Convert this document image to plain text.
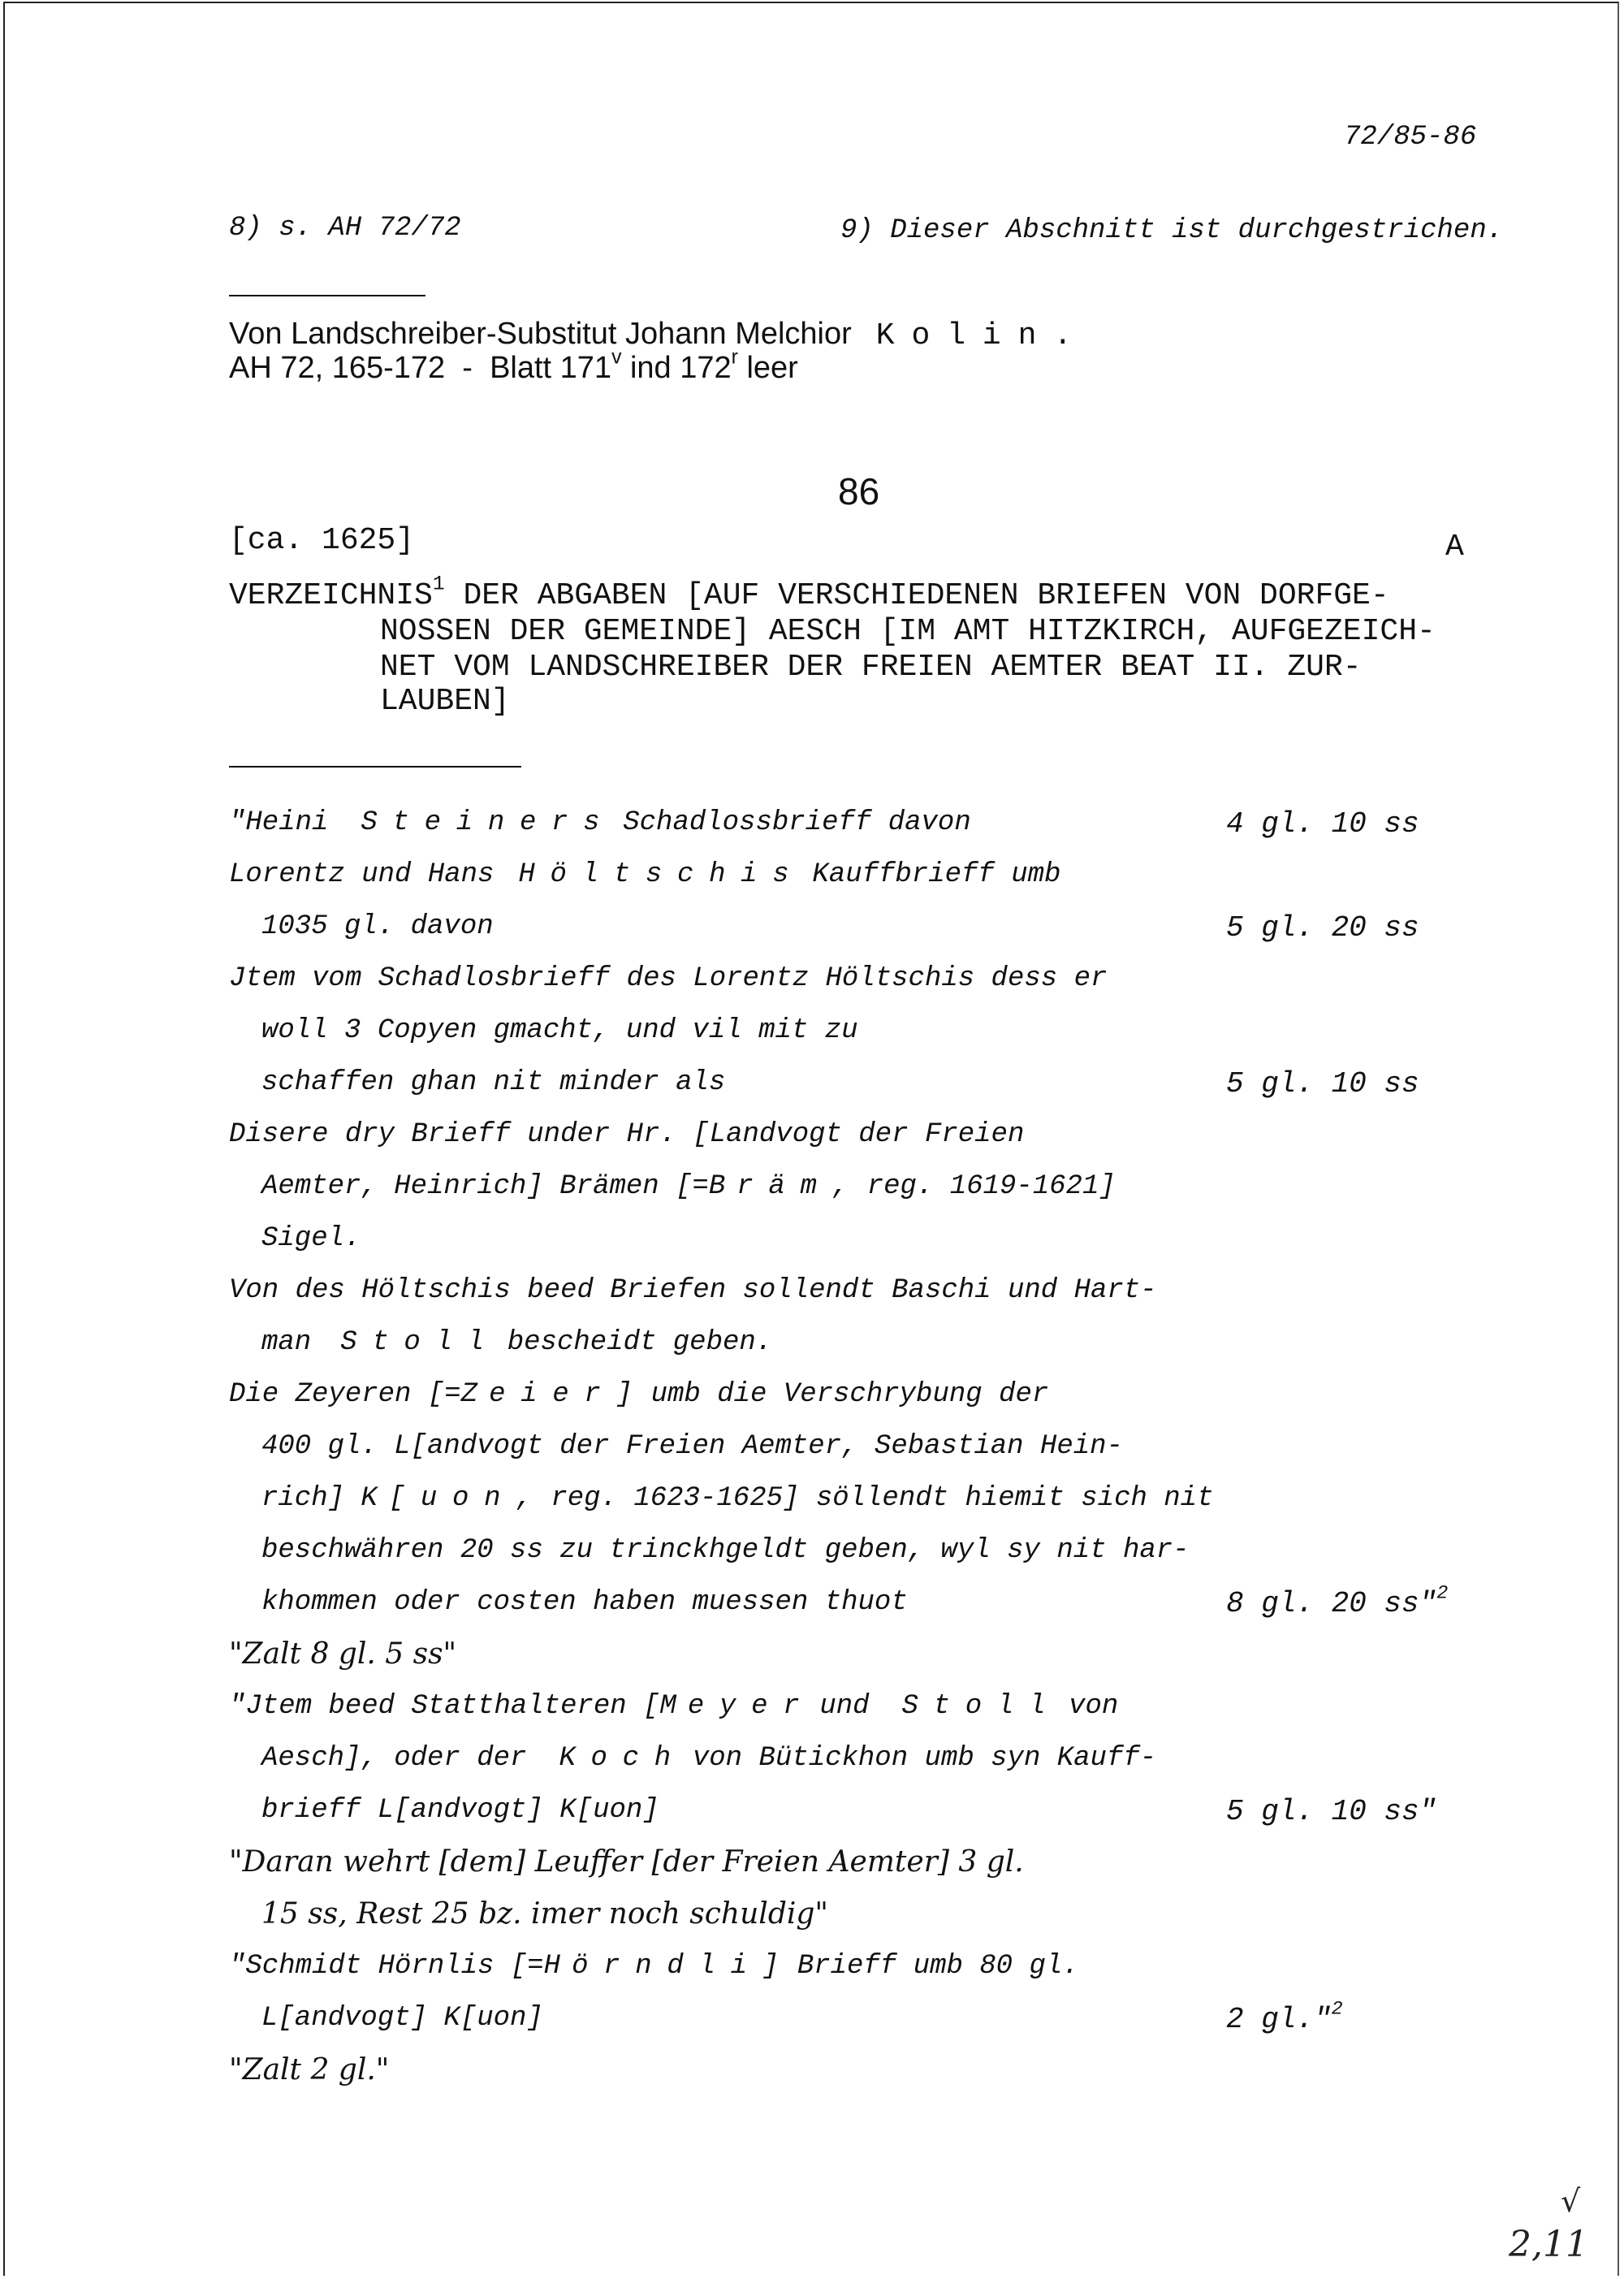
72/85-86
8) s. AH 72/72	9) Dieser Abschnitt ist durchgestrichen.
Von Landschreiber-Substitut Johann Melchior Kolin.
AH 72, 165-172  -  Blatt 171$^v$ ind 172$^r$ leer
86
[ca. 1625]	A
VERZEICHNIS$^1$ DER ABGABEN [AUF VERSCHIEDENEN BRIEFEN VON DORFGE-
NOSSEN DER GEMEINDE] AESCH [IM AMT HITZKIRCH, AUFGEZEICH-
NET VOM LANDSCHREIBER DER FREIEN AEMTER BEAT II. ZUR-
LAUBEN]
"Heini Steiners Schadlossbrieff davon	4 gl. 10 ss
Lorentz und Hans Höltschis Kauffbrieff umb
1035 gl. davon	5 gl. 20 ss
Jtem vom Schadlosbrieff des Lorentz Höltschis dess er
woll 3 Copyen gmacht, und vil mit zu
schaffen ghan nit minder als	5 gl. 10 ss
Disere dry Brieff under Hr. [Landvogt der Freien
Aemter, Heinrich] Brämen [=B räm, reg. 1619-1621]
Sigel.
Von des Höltschis beed Briefen sollendt Baschi und Hart-
man Stoll bescheidt geben.
Die Zeyeren [=Z eier] umb die Verschrybung der
400 gl. L[andvogt der Freien Aemter, Sebastian Hein-
rich] K [uon, reg. 1623-1625] söllendt hiemit sich nit
beschwähren 20 ss zu trinckhgeldt geben, wyl sy nit har-
khommen oder costen haben muessen thuot	8 gl. 20 ss"$^2$
"Zalt 8 gl. 5 ss"
"Jtem beed Statthalteren [M eyer und Stoll von
Aesch], oder der Koch von Bütickhon umb syn Kauff-
brieff L[andvogt] K[uon]	5 gl. 10 ss"
"Daran wehrt [dem] Leuffer [der Freien Aemter] 3 gl.
15 ss, Rest 25 bz. imer noch schuldig"
"Schmidt Hörnlis [=H örndli] Brieff umb 80 gl.
L[andvogt] K[uon]	2 gl."$^2$
"Zalt 2 gl."
√
2,11
